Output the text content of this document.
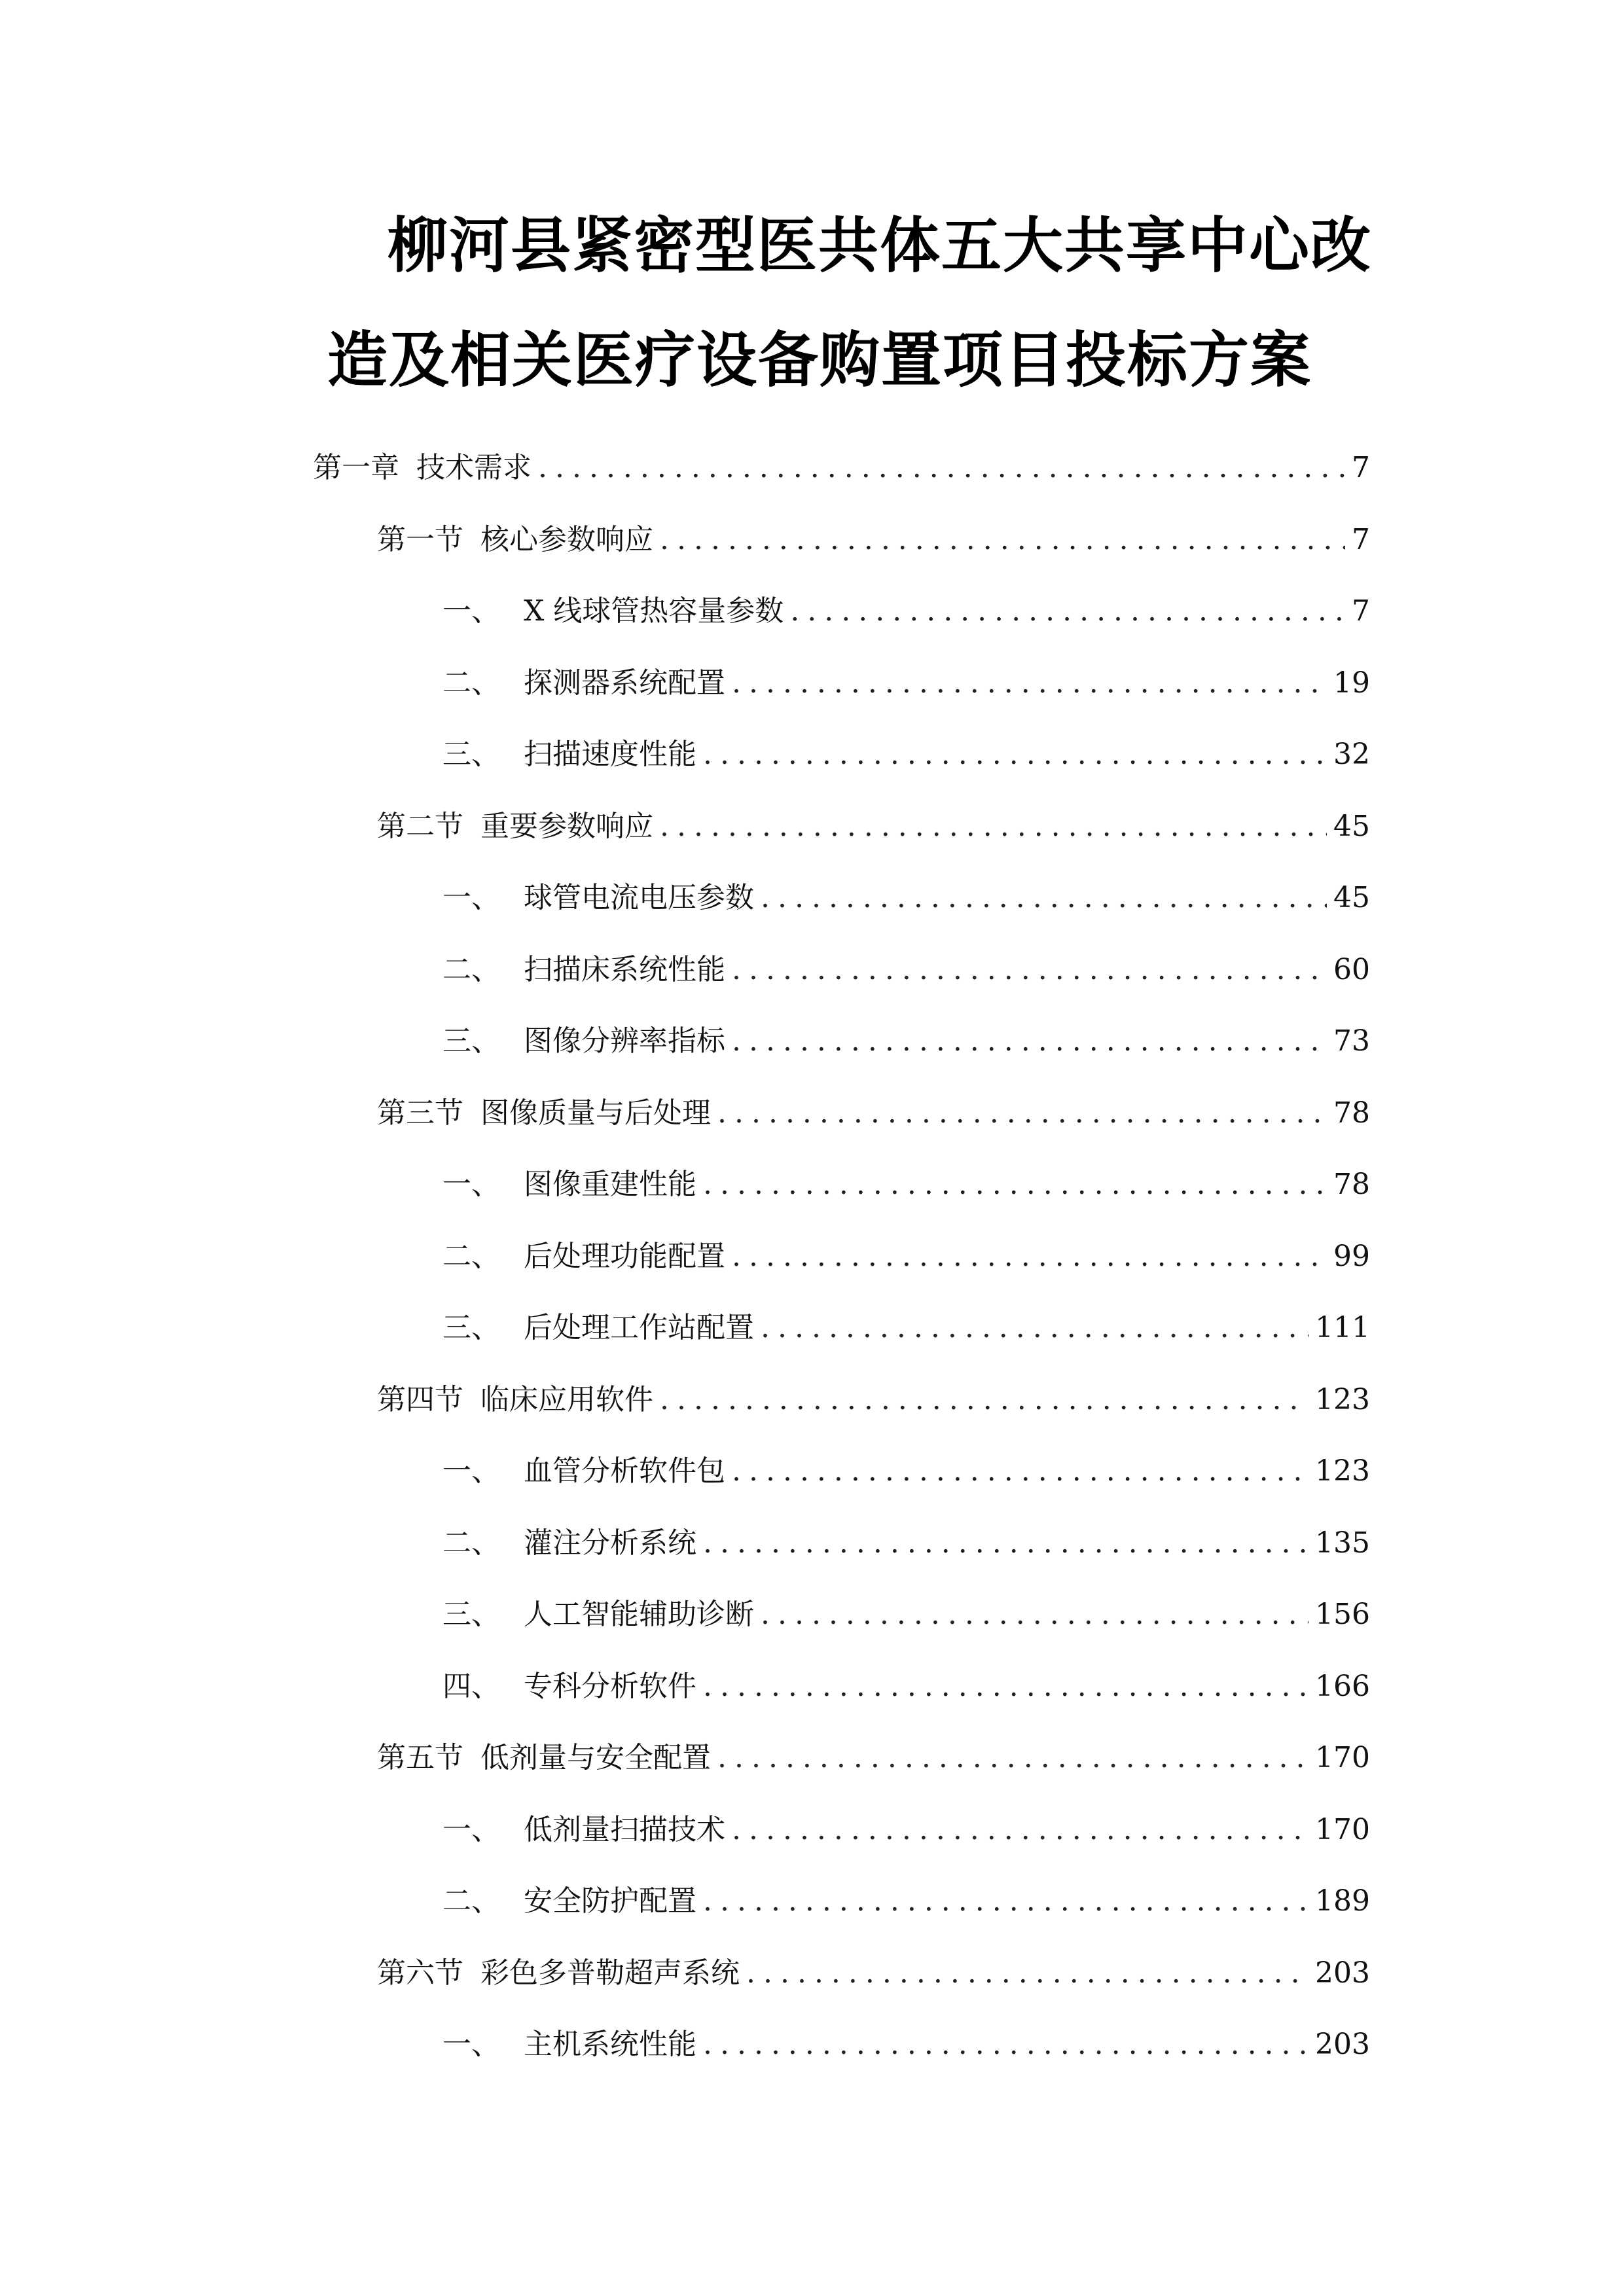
柳河县紧密型医共体五大共享中心改
造及相关医疗设备购置项目投标方案
第一章 技术需求 .....	7
第一节 核心参数响应 .....	7
一、 X 线球管热容量参数 .....	7
二、 探测器系统配置 .....	19
三、 扫描速度性能 .....	32
第二节 重要参数响应 .....	45
一、 球管电流电压参数 .....	45
二、 扫描床系统性能 .....	60
三、 图像分辨率指标 .....	73
第三节 图像质量与后处理 .....	78
一、 图像重建性能 .....	78
二、 后处理功能配置 .....	99
三、 后处理工作站配置 .....	111
第四节 临床应用软件 .....	123
一、 血管分析软件包 .....	123
二、 灌注分析系统 .....	135
三、 人工智能辅助诊断 .....	156
四、 专科分析软件 .....	166
第五节 低剂量与安全配置 .....	170
一、 低剂量扫描技术 .....	170
二、 安全防护配置 .....	189
第六节 彩色多普勒超声系统 .....	203
一、 主机系统性能 .....	203
